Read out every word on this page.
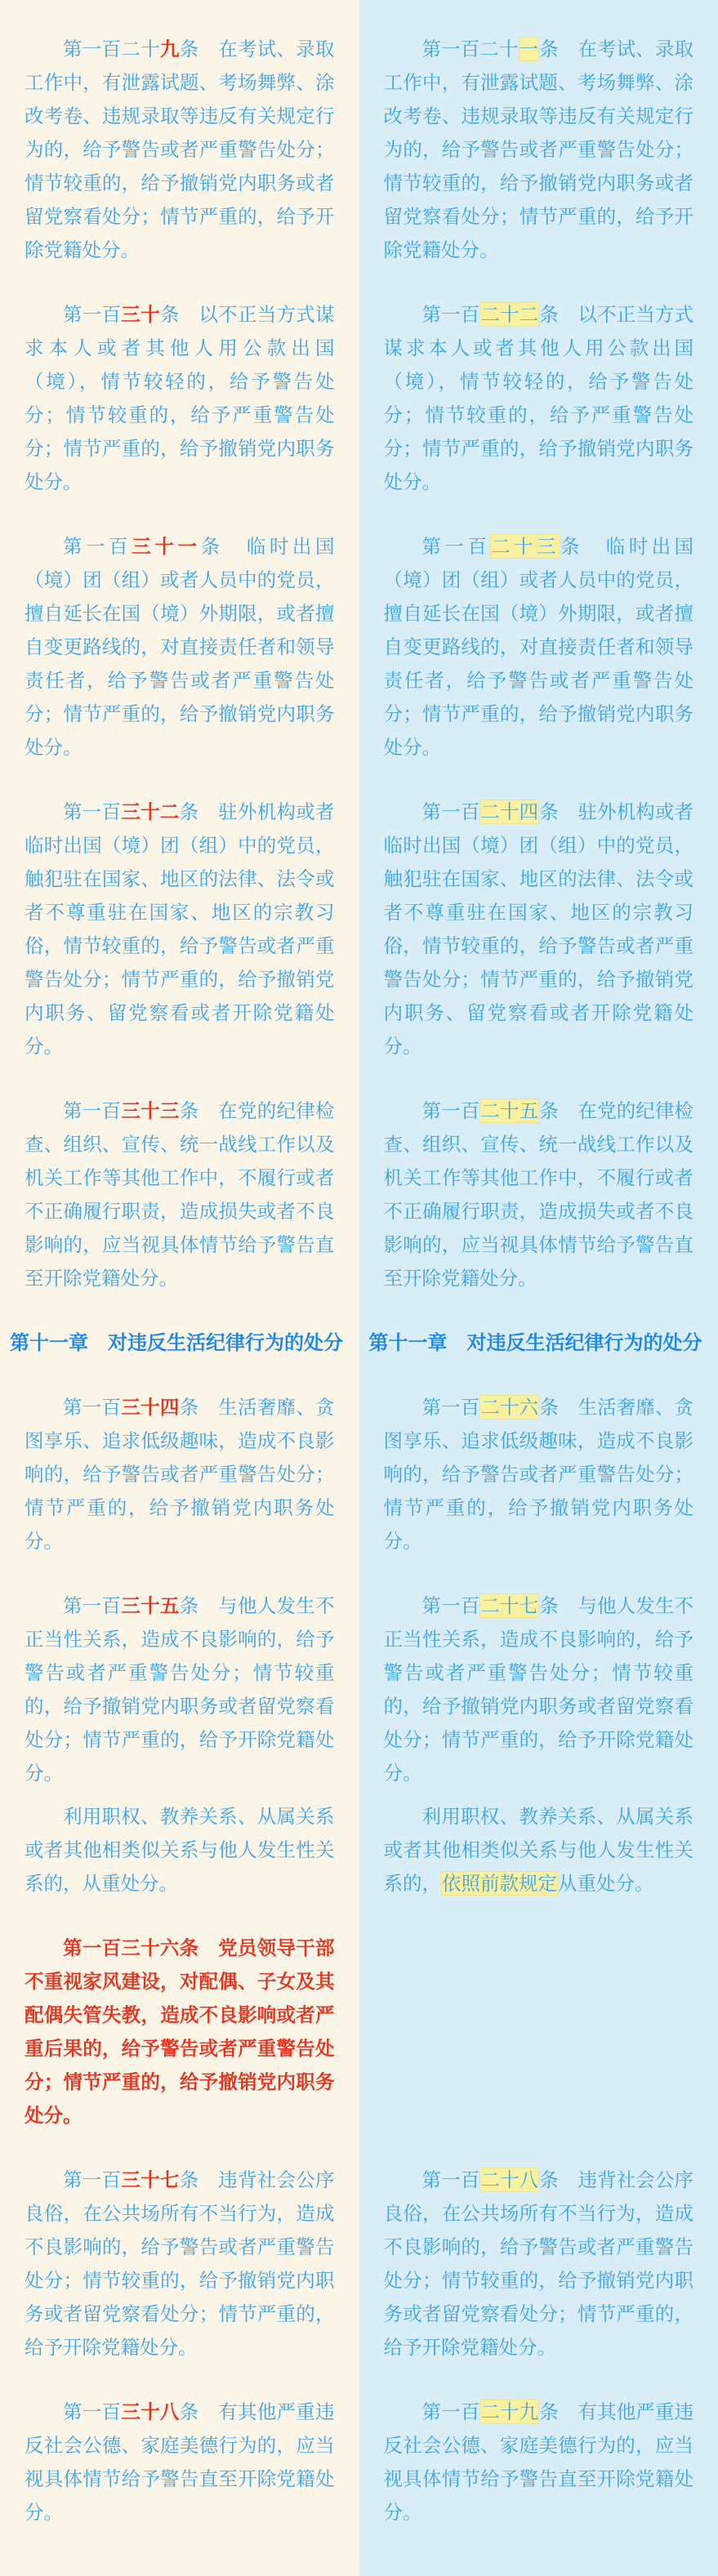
第一百二十九条　在考试、录取工作中，有泄露试题、考场舞弊、涂改考卷、违规录取等违反有关规定行为的，给予警告或者严重警告处分；情节较重的，给予撤销党内职务或者留党察看处分；情节严重的，给予开除党籍处分。

第一百二十一条　在考试、录取工作中，有泄露试题、考场舞弊、涂改考卷、违规录取等违反有关规定行为的，给予警告或者严重警告处分；情节较重的，给予撤销党内职务或者留党察看处分；情节严重的，给予开除党籍处分。

第一百三十条　以不正当方式谋求本人或者其他人用公款出国（境），情节较轻的，给予警告处分；情节较重的，给予严重警告处分；情节严重的，给予撤销党内职务处分。

第一百二十二条　以不正当方式谋求本人或者其他人用公款出国（境），情节较轻的，给予警告处分；情节较重的，给予严重警告处分；情节严重的，给予撤销党内职务处分。

第一百三十一条　临时出国（境）团（组）或者人员中的党员，擅自延长在国（境）外期限，或者擅自变更路线的，对直接责任者和领导责任者，给予警告或者严重警告处分；情节严重的，给予撤销党内职务处分。

第一百二十三条　临时出国（境）团（组）或者人员中的党员，擅自延长在国（境）外期限，或者擅自变更路线的，对直接责任者和领导责任者，给予警告或者严重警告处分；情节严重的，给予撤销党内职务处分。

第一百三十二条　驻外机构或者临时出国（境）团（组）中的党员，触犯驻在国家、地区的法律、法令或者不尊重驻在国家、地区的宗教习俗，情节较重的，给予警告或者严重警告处分；情节严重的，给予撤销党内职务、留党察看或者开除党籍处分。

第一百二十四条　驻外机构或者临时出国（境）团（组）中的党员，触犯驻在国家、地区的法律、法令或者不尊重驻在国家、地区的宗教习俗，情节较重的，给予警告或者严重警告处分；情节严重的，给予撤销党内职务、留党察看或者开除党籍处分。

第一百三十三条　在党的纪律检查、组织、宣传、统一战线工作以及机关工作等其他工作中，不履行或者不正确履行职责，造成损失或者不良影响的，应当视具体情节给予警告直至开除党籍处分。

第一百二十五条　在党的纪律检查、组织、宣传、统一战线工作以及机关工作等其他工作中，不履行或者不正确履行职责，造成损失或者不良影响的，应当视具体情节给予警告直至开除党籍处分。

第十一章　对违反生活纪律行为的处分 第十一章　对违反生活纪律行为的处分

第一百三十四条　生活奢靡、贪图享乐、追求低级趣味，造成不良影响的，给予警告或者严重警告处分；情节严重的，给予撤销党内职务处分。

第一百二十六条　生活奢靡、贪图享乐、追求低级趣味，造成不良影响的，给予警告或者严重警告处分；情节严重的，给予撤销党内职务处分。

第一百三十五条　与他人发生不正当性关系，造成不良影响的，给予警告或者严重警告处分；情节较重的，给予撤销党内职务或者留党察看处分；情节严重的，给予开除党籍处分。

利用职权、教养关系、从属关系或者其他相类似关系与他人发生性关系的，从重处分。

第一百二十七条　与他人发生不正当性关系，造成不良影响的，给予警告或者严重警告处分；情节较重的，给予撤销党内职务或者留党察看处分；情节严重的，给予开除党籍处分。

利用职权、教养关系、从属关系或者其他相类似关系与他人发生性关系的，依照前款规定从重处分。

第一百三十六条　党员领导干部不重视家风建设，对配偶、子女及其配偶失管失教，造成不良影响或者严重后果的，给予警告或者严重警告处分；情节严重的，给予撤销党内职务处分。

第一百三十七条　违背社会公序良俗，在公共场所有不当行为，造成不良影响的，给予警告或者严重警告处分；情节较重的，给予撤销党内职务或者留党察看处分；情节严重的，给予开除党籍处分。

第一百二十八条　违背社会公序良俗，在公共场所有不当行为，造成不良影响的，给予警告或者严重警告处分；情节较重的，给予撤销党内职务或者留党察看处分；情节严重的，给予开除党籍处分。

第一百三十八条　有其他严重违反社会公德、家庭美德行为的，应当视具体情节给予警告直至开除党籍处分。

第一百二十九条　有其他严重违反社会公德、家庭美德行为的，应当视具体情节给予警告直至开除党籍处分。
